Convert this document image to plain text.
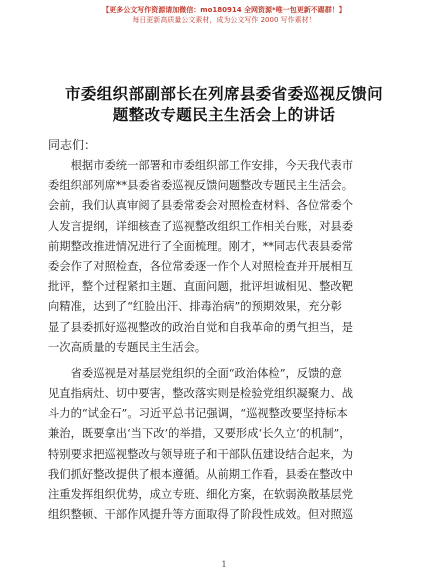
【更多公文写作资源请加微信：mo180914 全网资源*唯一包更新不踢群！】
每日更新高质量公文素材，成为公文写作 2000 写作素材！
市委组织部副部长在列席县委省委巡视反馈问
题整改专题民主生活会上的讲话
同志们：
　　根据市委统一部署和市委组织部工作安排，今天我代表市
委组织部列席**县委省委巡视反馈问题整改专题民主生活会。
会前，我们认真审阅了县委常委会对照检查材料、各位常委个
人发言提纲，详细核查了巡视整改组织工作相关台账，对县委
前期整改推进情况进行了全面梳理。刚才，**同志代表县委常
委会作了对照检查，各位常委逐一作个人对照检查并开展相互
批评，整个过程紧扣主题、直面问题，批评坦诚相见、整改靶
向精准，达到了“红脸出汗、排毒治病”的预期效果，充分彰
显了县委抓好巡视整改的政治自觉和自我革命的勇气担当，是
一次高质量的专题民主生活会。
　　省委巡视是对基层党组织的全面“政治体检”，反馈的意
见直指病灶、切中要害，整改落实则是检验党组织凝聚力、战
斗力的“试金石”。习近平总书记强调，“巡视整改要坚持标本
兼治，既要拿出‘当下改’的举措，又要形成‘长久立’的机制”，
特别要求把巡视整改与领导班子和干部队伍建设结合起来，为
我们抓好整改提供了根本遵循。从前期工作看，县委在整改中
注重发挥组织优势，成立专班、细化方案，在软弱涣散基层党
组织整顿、干部作风提升等方面取得了阶段性成效。但对照巡
1
